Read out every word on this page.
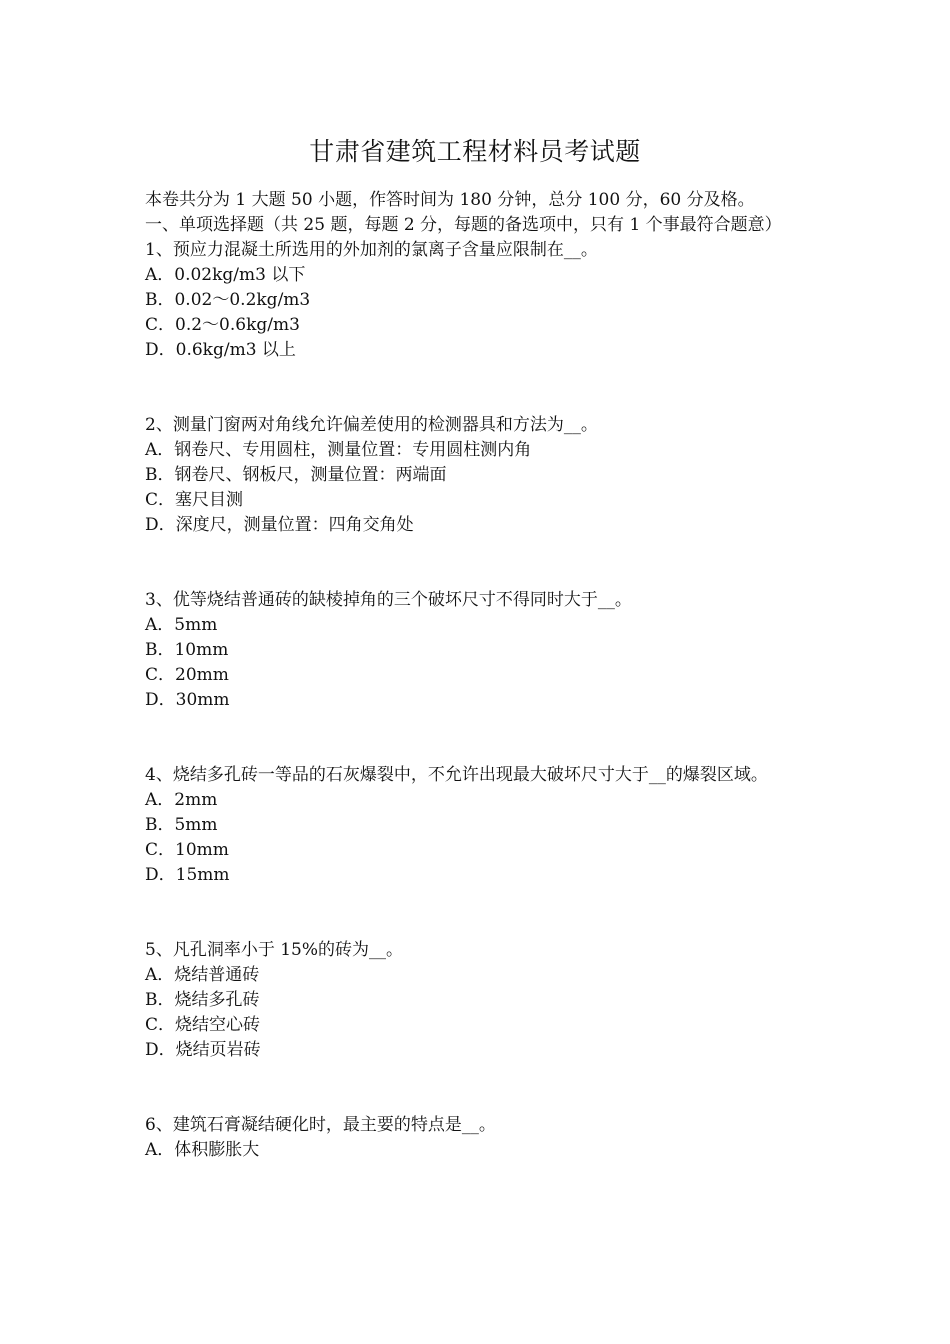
甘肃省建筑工程材料员考试题
本卷共分为 1 大题 50 小题，作答时间为 180 分钟，总分 100 分，60 分及格。
一、单项选择题（共 25 题，每题 2 分，每题的备选项中，只有 1 个事最符合题意）
1、预应力混凝土所选用的外加剂的氯离子含量应限制在__。
A．0.02kg/m3 以下
B．0.02～0.2kg/m3
C．0.2～0.6kg/m3
D．0.6kg/m3 以上
2、测量门窗两对角线允许偏差使用的检测器具和方法为__。
A．钢卷尺、专用圆柱，测量位置：专用圆柱测内角
B．钢卷尺、钢板尺，测量位置：两端面
C．塞尺目测
D．深度尺，测量位置：四角交角处
3、优等烧结普通砖的缺棱掉角的三个破坏尺寸不得同时大于__。
A．5mm
B．10mm
C．20mm
D．30mm
4、烧结多孔砖一等品的石灰爆裂中，不允许出现最大破坏尺寸大于__的爆裂区域。
A．2mm
B．5mm
C．10mm
D．15mm
5、凡孔洞率小于 15%的砖为__。
A．烧结普通砖
B．烧结多孔砖
C．烧结空心砖
D．烧结页岩砖
6、建筑石膏凝结硬化时，最主要的特点是__。
A．体积膨胀大
